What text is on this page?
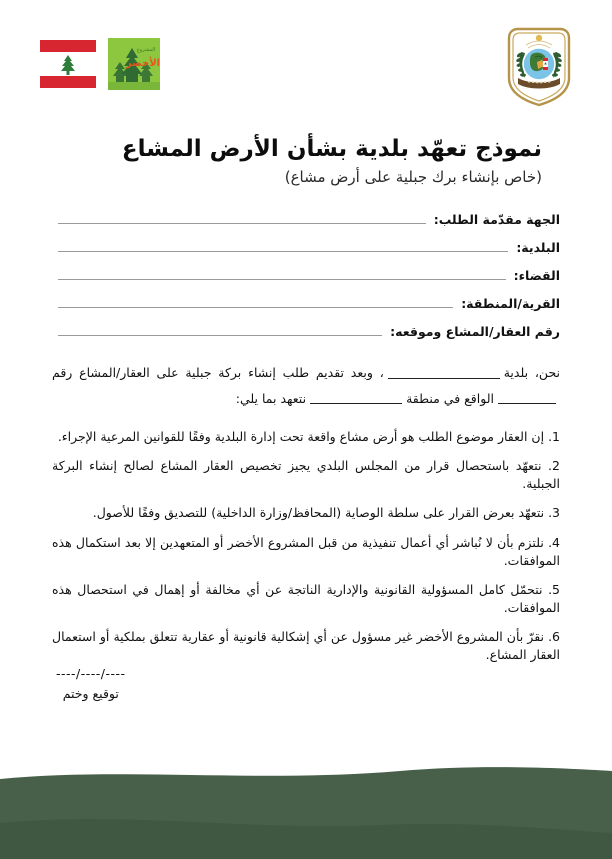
المشروع
الأخضر
نموذج تعهّد بلدية بشأن الأرض المشاع
(خاص بإنشاء برك جبلية على أرض مشاع)
الجهة مقدّمة الطلب:
البلدية:
القضاء:
القرية/المنطقة:
رقم العقار/المشاع وموقعه:
نحن، بلدية، وبعد تقديم طلب إنشاء بركة جبلية على العقار/المشاع رقمالواقع في منطقةنتعهد بما يلي:
1. إن العقار موضوع الطلب هو أرض مشاع واقعة تحت إدارة البلدية وفقًا للقوانين المرعية الإجراء.
2. نتعهّد باستحصال قرار من المجلس البلدي يجيز تخصيص العقار المشاع لصالح إنشاء البركة الجبلية.
3. نتعهّد بعرض القرار على سلطة الوصاية (المحافظ/وزارة الداخلية) للتصديق وفقًا للأصول.
4. نلتزم بأن لا نُباشر أي أعمال تنفيذية من قبل المشروع الأخضر أو المتعهدين إلا بعد استكمال هذه الموافقات.
5. نتحمّل كامل المسؤولية القانونية والإدارية الناتجة عن أي مخالفة أو إهمال في استحصال هذه الموافقات.
6. نقرّ بأن المشروع الأخضر غير مسؤول عن أي إشكالية قانونية أو عقارية تتعلق بملكية أو استعمال العقار المشاع.
----/----/----
توقيع وختم
